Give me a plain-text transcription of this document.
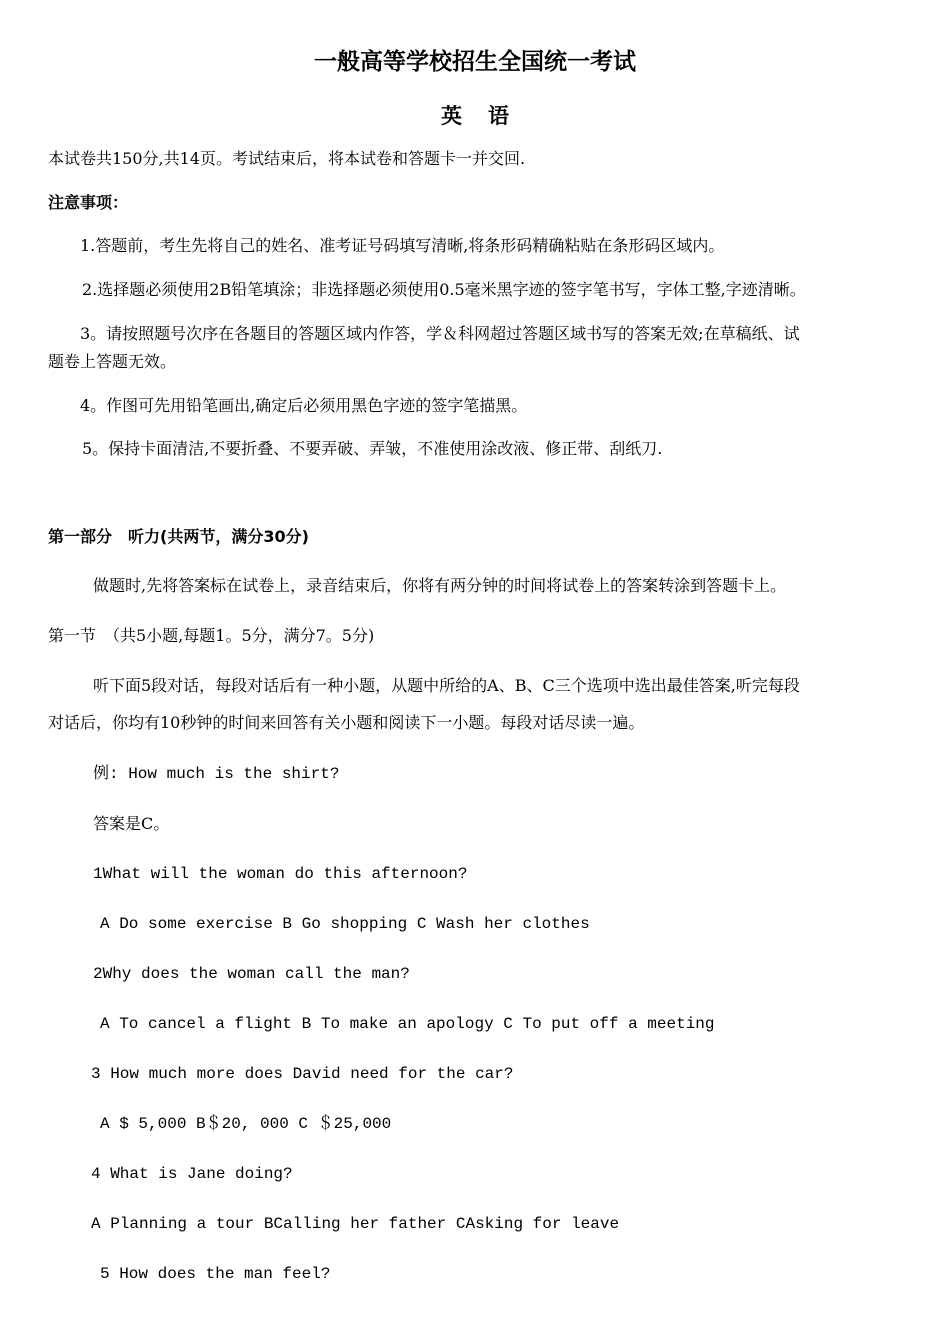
一般高等学校招生全国统一考试
英语
本试卷共150分,共14页。考试结束后，将本试卷和答题卡一并交回.
注意事项：
1.答题前，考生先将自己的姓名、准考证号码填写清晰,将条形码精确粘贴在条形码区域内。
2.选择题必须使用2B铅笔填涂；非选择题必须使用0.5毫米黑字迹的签字笔书写，字体工整,字迹清晰。
3。请按照题号次序在各题目的答题区域内作答，学＆科网超过答题区域书写的答案无效;在草稿纸、试
题卷上答题无效。
4。作图可先用铅笔画出,确定后必须用黑色字迹的签字笔描黑。
5。保持卡面清洁,不要折叠、不要弄破、弄皱，不准使用涂改液、修正带、刮纸刀.
第一部分　听力(共两节，满分30分)
做题时,先将答案标在试卷上，录音结束后，你将有两分钟的时间将试卷上的答案转涂到答题卡上。
第一节　（共5小题,每题1。5分，满分7。5分)
听下面5段对话，每段对话后有一种小题，从题中所给的A、B、C三个选项中选出最佳答案,听完每段
对话后，你均有10秒钟的时间来回答有关小题和阅读下一小题。每段对话尽读一遍。
例: How much is the shirt?
答案是C。
1What will the woman do this afternoon?
A Do some exercise B Go shopping C Wash her clothes
2Why does the woman call the man?
A To cancel a flight B To make an apology C To put off a meeting
3 How much more does David need for the car?
A $ 5,000 B＄20, 000 C ＄25,000
4 What is Jane doing?
A Planning a tour BCalling her father CAsking for leave
5 How does the man feel?
